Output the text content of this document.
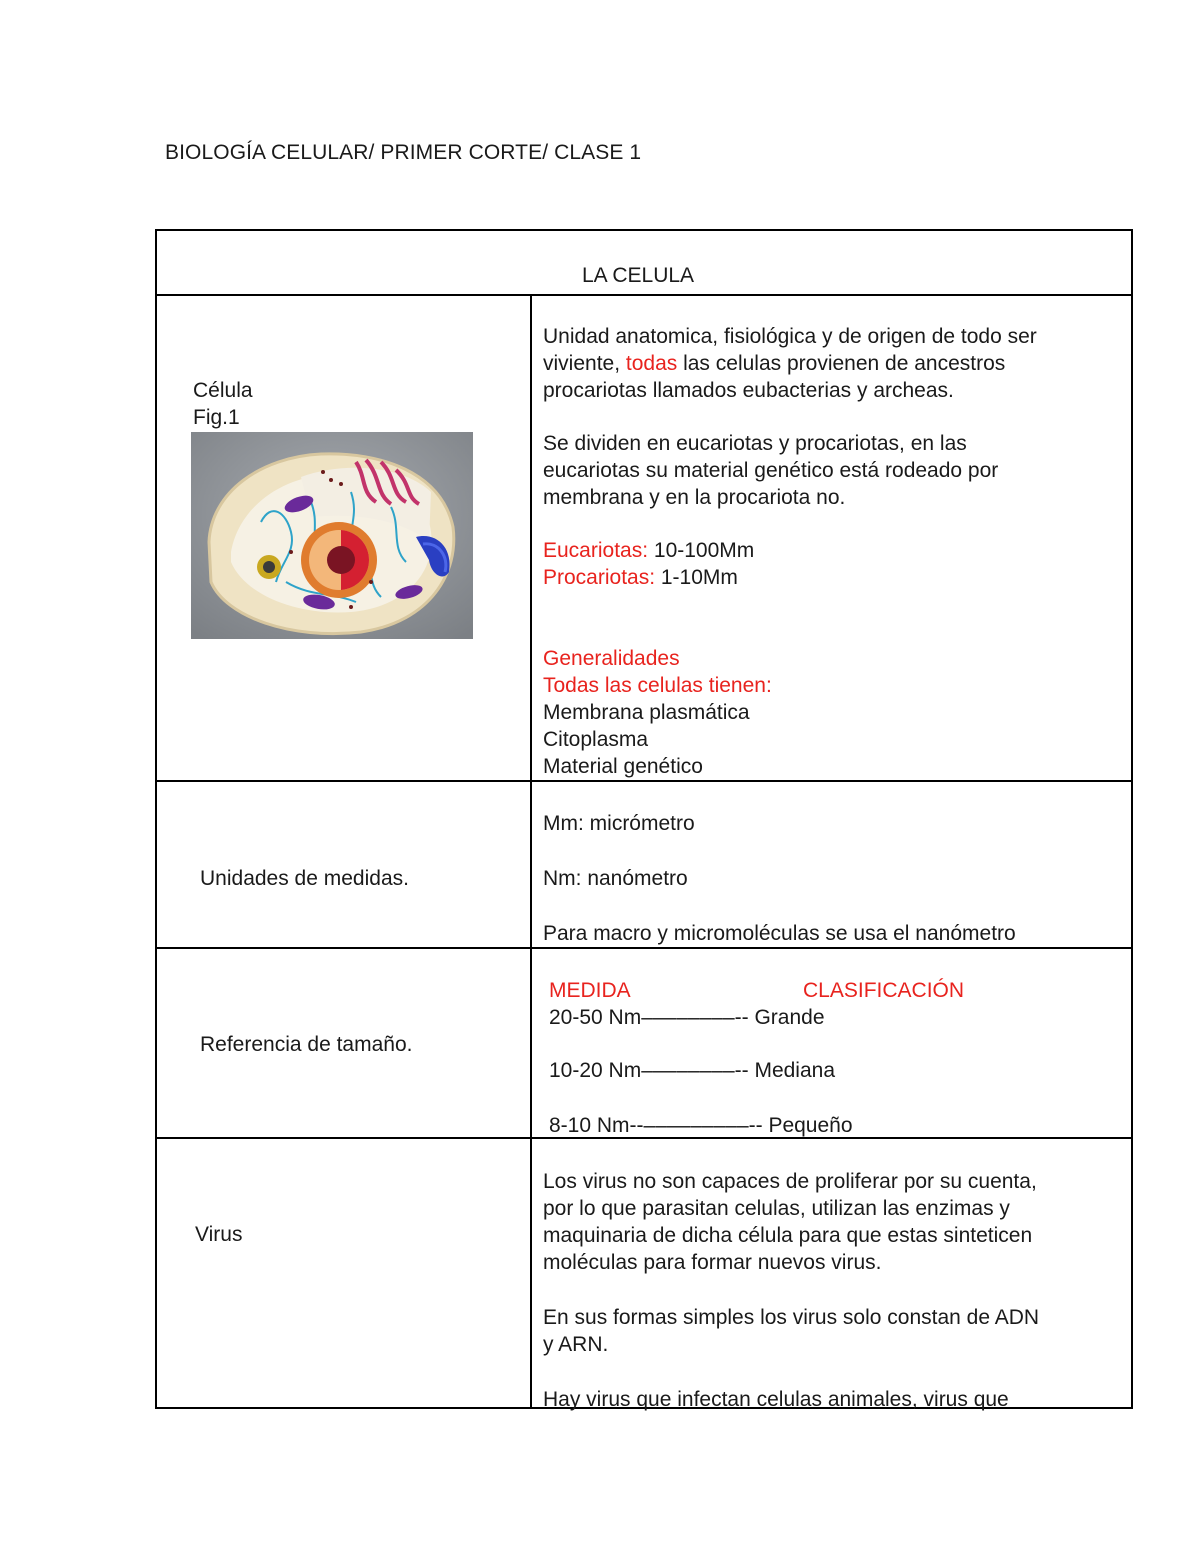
BIOLOGÍA CELULAR/ PRIMER CORTE/ CLASE 1
LA CELULA
Célula
Fig.1

Unidad anatomica, fisiológica y de origen de todo ser

viviente, todas las celulas provienen de ancestros

procariotas llamados eubacterias y archeas.

Se dividen en eucariotas y procariotas, en las

eucariotas su material genético está rodeado por

membrana y en la procariota no.

Eucariotas: 10-100Mm

Procariotas: 1-10Mm

Generalidades

Todas las celulas tienen:

Membrana plasmática

Citoplasma

Material genético

Unidades de medidas.

Mm: micrómetro

Nm: nanómetro

Para macro y micromoléculas se usa el nanómetro

Referencia de tamaño.

MEDIDA	CLASIFICACIÓN

20-50 Nm––––––––-- Grande

10-20 Nm––––––––-- Mediana

8-10 Nm--–––––––––-- Pequeño

Virus

Los virus no son capaces de proliferar por su cuenta,

por lo que parasitan celulas, utilizan las enzimas y

maquinaria de dicha célula para que estas sinteticen

moléculas para formar nuevos virus.

En sus formas simples los virus solo constan de ADN

y ARN.

Hay virus que infectan celulas animales, virus que
